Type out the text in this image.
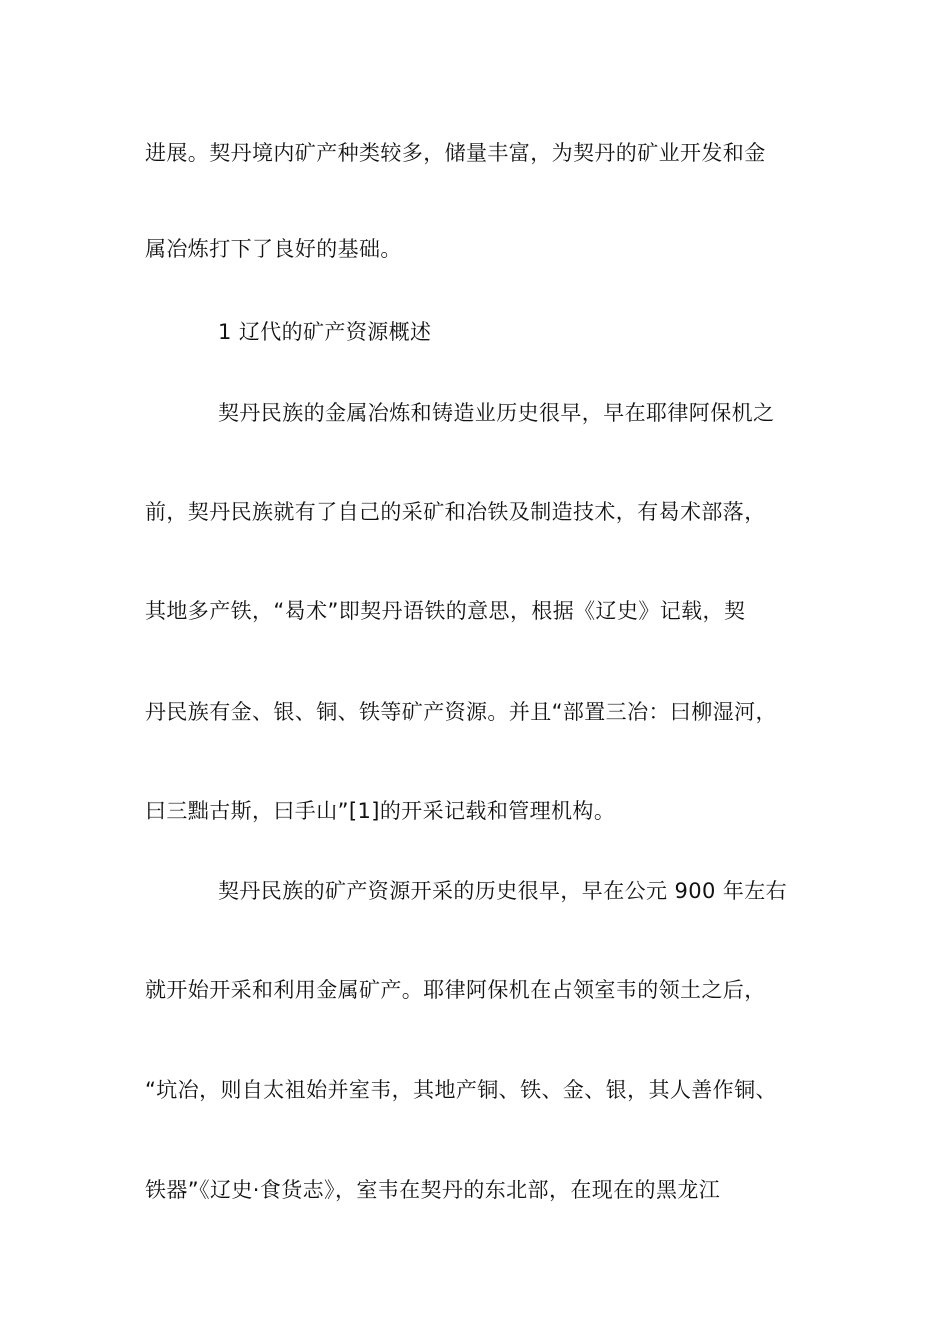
进展。契丹境内矿产种类较多，储量丰富，为契丹的矿业开发和金
属冶炼打下了良好的基础。
1 辽代的矿产资源概述
契丹民族的金属冶炼和铸造业历史很早，早在耶律阿保机之
前，契丹民族就有了自己的采矿和冶铁及制造技术，有曷术部落，
其地多产铁，“曷术”即契丹语铁的意思，根据《辽史》记载，契
丹民族有金、银、铜、铁等矿产资源。并且“部置三冶：曰柳湿河，
曰三黜古斯，曰手山”[1]的开采记载和管理机构。
契丹民族的矿产资源开采的历史很早，早在公元 900 年左右
就开始开采和利用金属矿产。耶律阿保机在占领室韦的领土之后，
“坑冶，则自太祖始并室韦，其地产铜、铁、金、银，其人善作铜、
铁器”《辽史·食货志》，室韦在契丹的东北部，在现在的黑龙江
